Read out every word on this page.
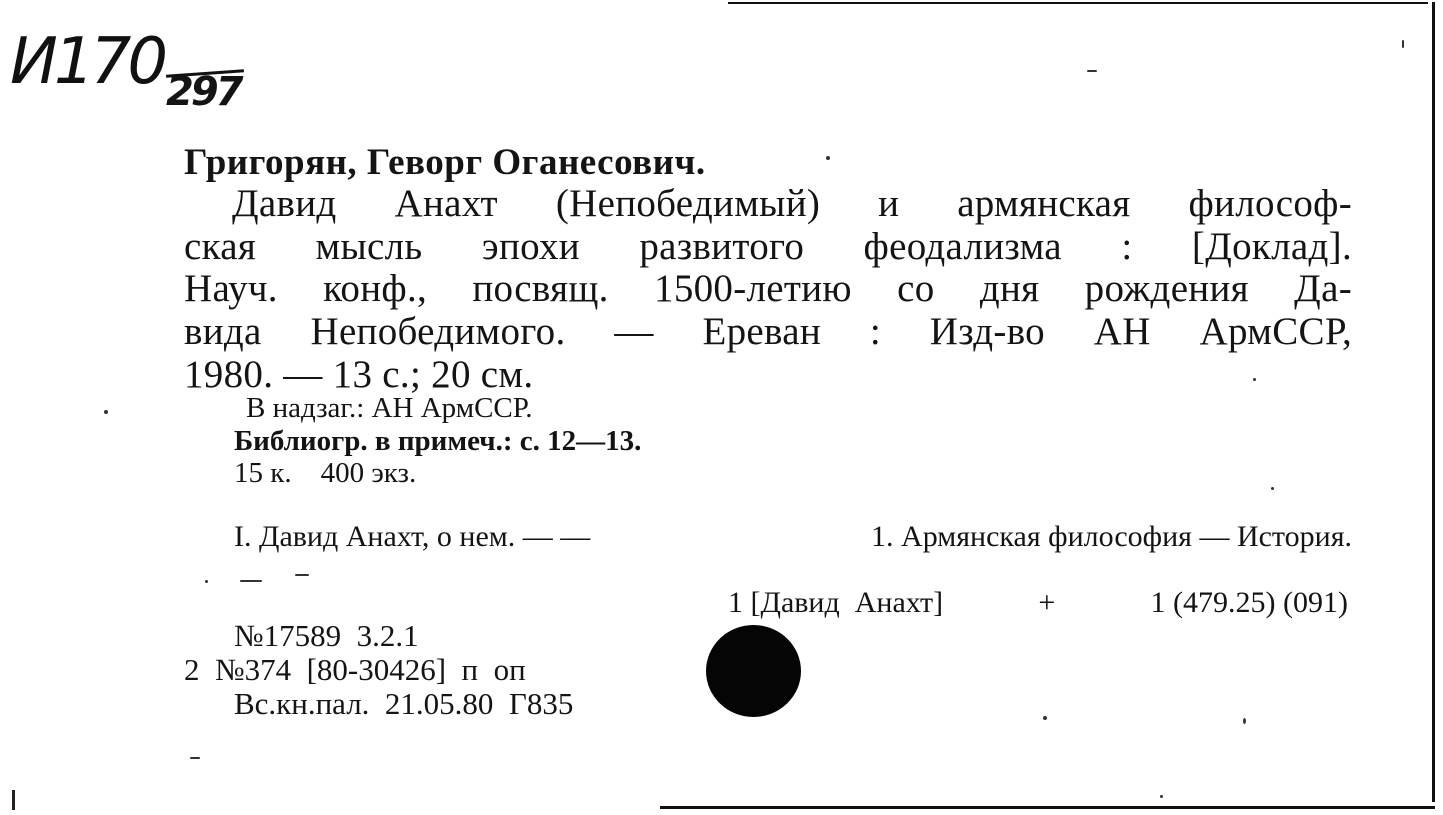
И170 297
Григорян, Геворг Оганесович.
Давид Анахт (Непобедимый) и армянская философ-
ская мысль эпохи развитого феодализма : [Доклад].
Науч. конф., посвящ. 1500-летию со дня рождения Да-
вида Непобедимого. — Ереван : Изд-во АН АрмССР,
1980. — 13 с.; 20 см.
В надзаг.: АН АрмССР.
Библиогр. в примеч.: с. 12—13.
15 к.    400 экз.
I. Давид Анахт, о нем. — —	1. Армянская философия — История.
1 [Давид  Анахт]	+	1 (479.25) (091)
№17589  3.2.1
2  №374  [80-30426]  п  оп
Вс.кн.пал.  21.05.80  Г835
